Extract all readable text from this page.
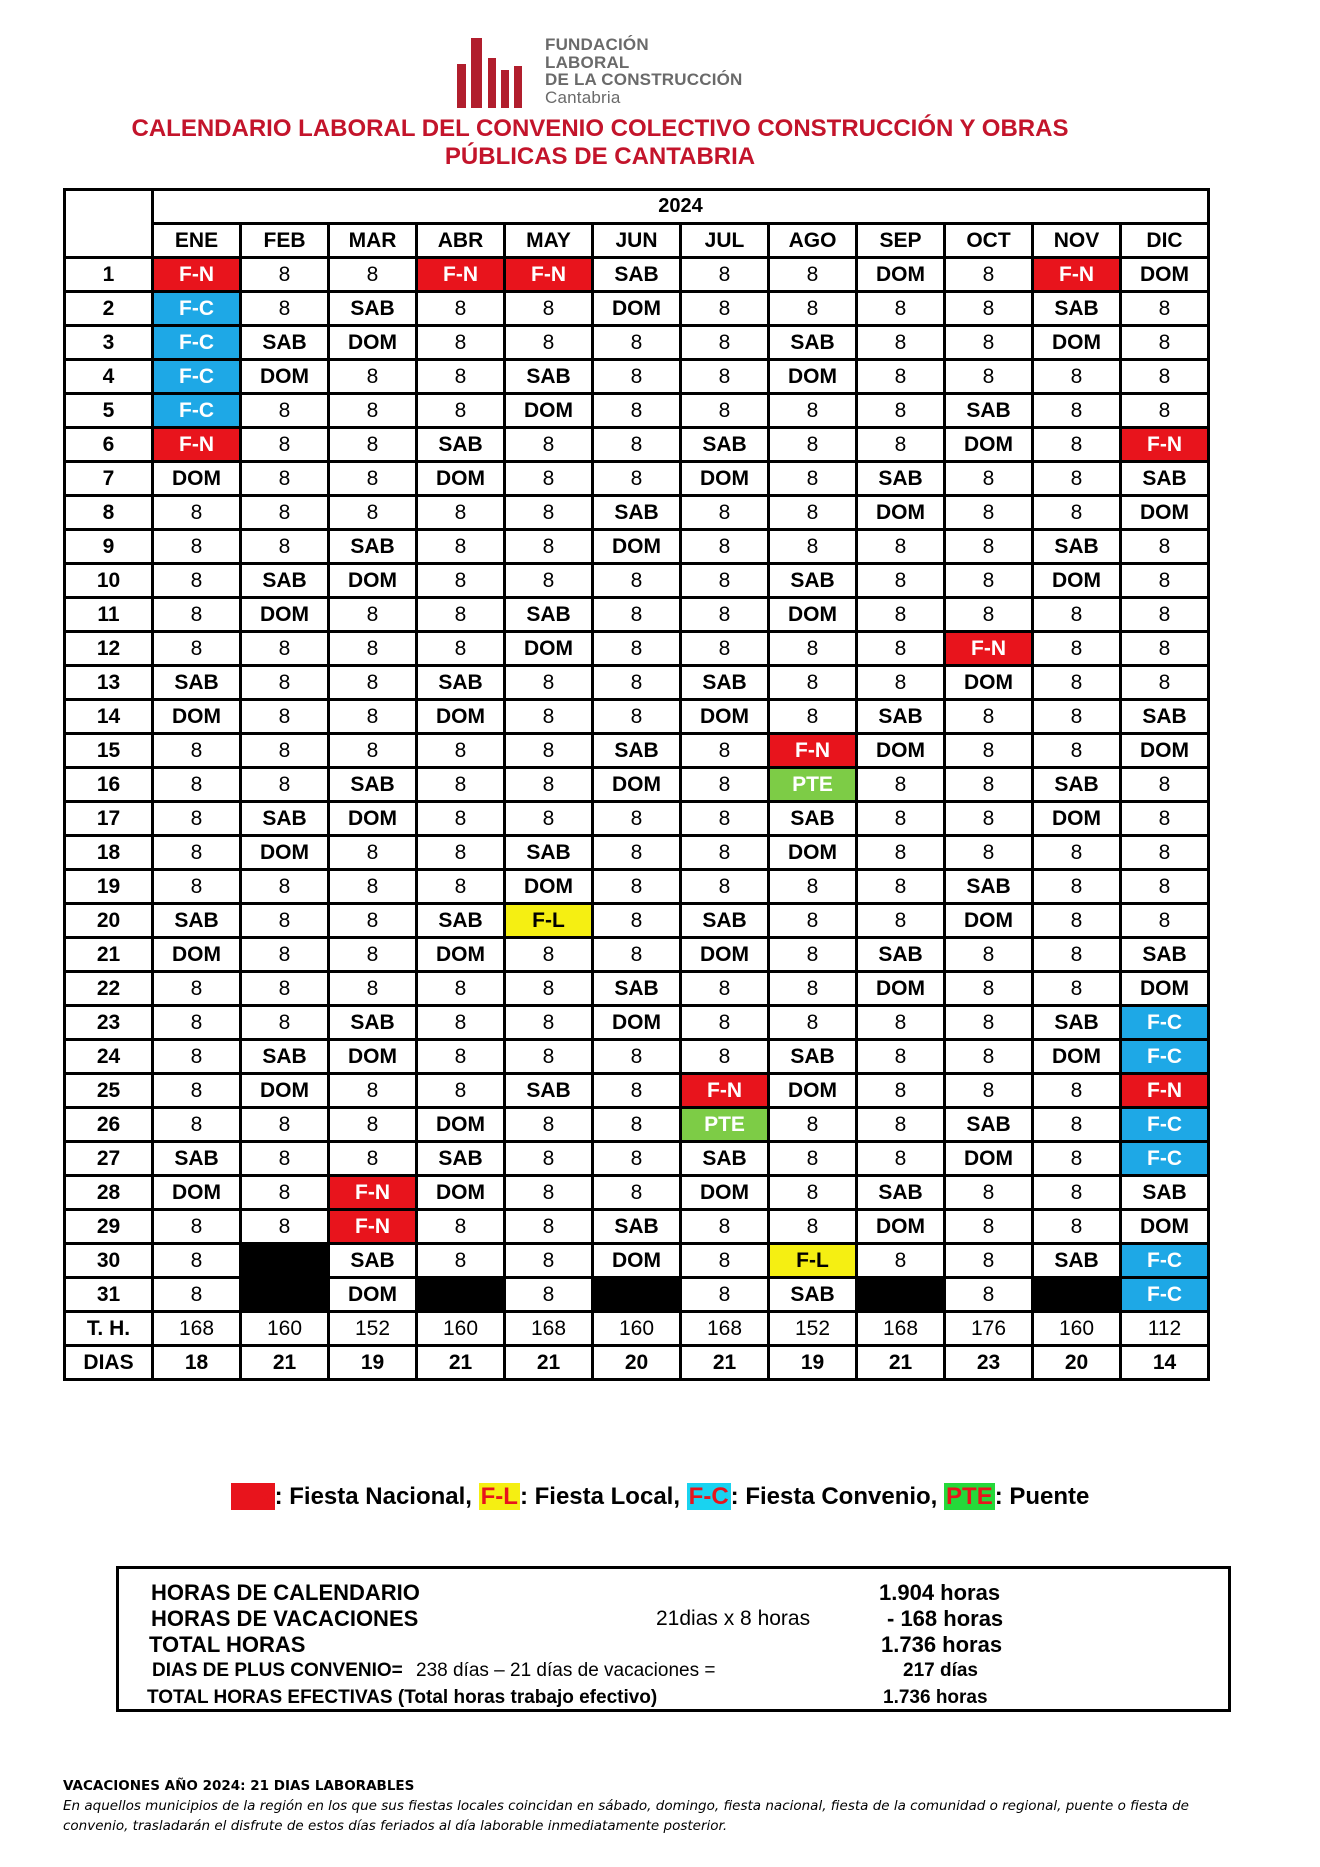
FUNDACIÓN
LABORAL
DE LA CONSTRUCCIÓN
Cantabria
CALENDARIO LABORAL DEL CONVENIO COLECTIVO CONSTRUCCIÓN Y OBRAS
PÚBLICAS DE CANTABRIA
	2024											
	ENE	FEB	MAR	ABR	MAY	JUN	JUL	AGO	SEP	OCT	NOV	DIC
1	F-N	8	8	F-N	F-N	SAB	8	8	DOM	8	F-N	DOM
2	F-C	8	SAB	8	8	DOM	8	8	8	8	SAB	8
3	F-C	SAB	DOM	8	8	8	8	SAB	8	8	DOM	8
4	F-C	DOM	8	8	SAB	8	8	DOM	8	8	8	8
5	F-C	8	8	8	DOM	8	8	8	8	SAB	8	8
6	F-N	8	8	SAB	8	8	SAB	8	8	DOM	8	F-N
7	DOM	8	8	DOM	8	8	DOM	8	SAB	8	8	SAB
8	8	8	8	8	8	SAB	8	8	DOM	8	8	DOM
9	8	8	SAB	8	8	DOM	8	8	8	8	SAB	8
10	8	SAB	DOM	8	8	8	8	SAB	8	8	DOM	8
11	8	DOM	8	8	SAB	8	8	DOM	8	8	8	8
12	8	8	8	8	DOM	8	8	8	8	F-N	8	8
13	SAB	8	8	SAB	8	8	SAB	8	8	DOM	8	8
14	DOM	8	8	DOM	8	8	DOM	8	SAB	8	8	SAB
15	8	8	8	8	8	SAB	8	F-N	DOM	8	8	DOM
16	8	8	SAB	8	8	DOM	8	PTE	8	8	SAB	8
17	8	SAB	DOM	8	8	8	8	SAB	8	8	DOM	8
18	8	DOM	8	8	SAB	8	8	DOM	8	8	8	8
19	8	8	8	8	DOM	8	8	8	8	SAB	8	8
20	SAB	8	8	SAB	F-L	8	SAB	8	8	DOM	8	8
21	DOM	8	8	DOM	8	8	DOM	8	SAB	8	8	SAB
22	8	8	8	8	8	SAB	8	8	DOM	8	8	DOM
23	8	8	SAB	8	8	DOM	8	8	8	8	SAB	F-C
24	8	SAB	DOM	8	8	8	8	SAB	8	8	DOM	F-C
25	8	DOM	8	8	SAB	8	F-N	DOM	8	8	8	F-N
26	8	8	8	DOM	8	8	PTE	8	8	SAB	8	F-C
27	SAB	8	8	SAB	8	8	SAB	8	8	DOM	8	F-C
28	DOM	8	F-N	DOM	8	8	DOM	8	SAB	8	8	SAB
29	8	8	F-N	8	8	SAB	8	8	DOM	8	8	DOM
30	8		SAB	8	8	DOM	8	F-L	8	8	SAB	F-C
31	8		DOM		8		8	SAB		8		F-C
T. H.	168	160	152	160	168	160	168	152	168	176	160	112
DIAS	18	21	19	21	21	20	21	19	21	23	20	14
F-N: Fiesta Nacional, F-L: Fiesta Local, F-C: Fiesta Convenio, PTE: Puente
HORAS DE CALENDARIO	1.904 horas
HORAS DE VACACIONES	21dias x 8 horas	- 168 horas
TOTAL HORAS	1.736 horas
DIAS DE PLUS CONVENIO= 238 días – 21 días de vacaciones =	217 días
TOTAL HORAS EFECTIVAS (Total horas trabajo efectivo)	1.736 horas
VACACIONES AÑO 2024: 21 DIAS LABORABLES
En aquellos municipios de la región en los que sus fiestas locales coincidan en sábado, domingo, fiesta nacional, fiesta de la comunidad o regional, puente o fiesta de
convenio, trasladarán el disfrute de estos días feriados al día laborable inmediatamente posterior.
